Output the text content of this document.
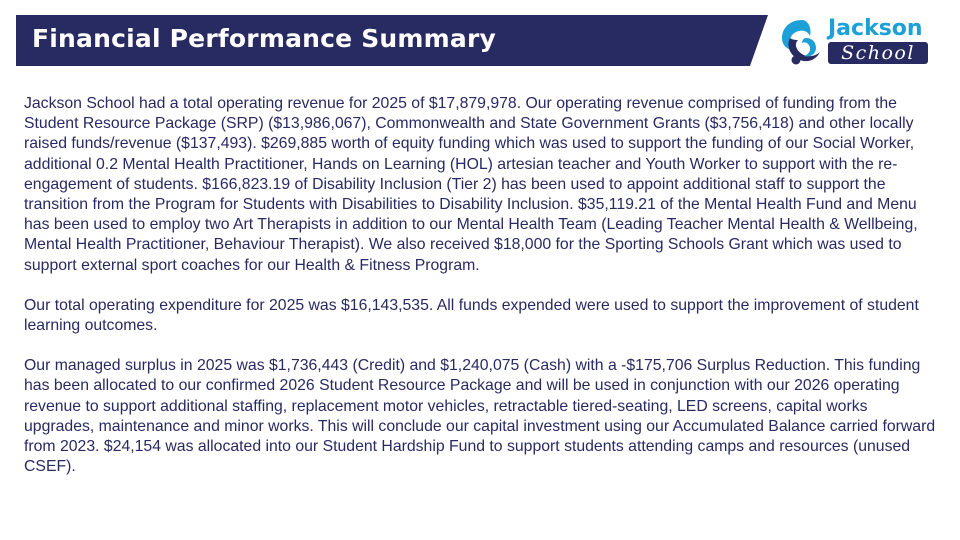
Financial Performance Summary	Jackson
School

Jackson School had a total operating revenue for 2025 of $17,879,978. Our operating revenue comprised of funding from the Student Resource Package (SRP) ($13,986,067), Commonwealth and State Government Grants ($3,756,418) and other locally raised funds/revenue ($137,493). $269,885 worth of equity funding which was used to support the funding of our Social Worker, additional 0.2 Mental Health Practitioner, Hands on Learning (HOL) artesian teacher and Youth Worker to support with the re-engagement of students. $166,823.19 of Disability Inclusion (Tier 2) has been used to appoint additional staff to support the transition from the Program for Students with Disabilities to Disability Inclusion. $35,119.21 of the Mental Health Fund and Menu has been used to employ two Art Therapists in addition to our Mental Health Team (Leading Teacher Mental Health & Wellbeing, Mental Health Practitioner, Behaviour Therapist). We also received $18,000 for the Sporting Schools Grant which was used to support external sport coaches for our Health & Fitness Program.

Our total operating expenditure for 2025 was $16,143,535. All funds expended were used to support the improvement of student learning outcomes.

Our managed surplus in 2025 was $1,736,443 (Credit) and $1,240,075 (Cash) with a -$175,706 Surplus Reduction. This funding has been allocated to our confirmed 2026 Student Resource Package and will be used in conjunction with our 2026 operating revenue to support additional staffing, replacement motor vehicles, retractable tiered-seating, LED screens, capital works upgrades, maintenance and minor works. This will conclude our capital investment using our Accumulated Balance carried forward from 2023. $24,154 was allocated into our Student Hardship Fund to support students attending camps and resources (unused CSEF).
